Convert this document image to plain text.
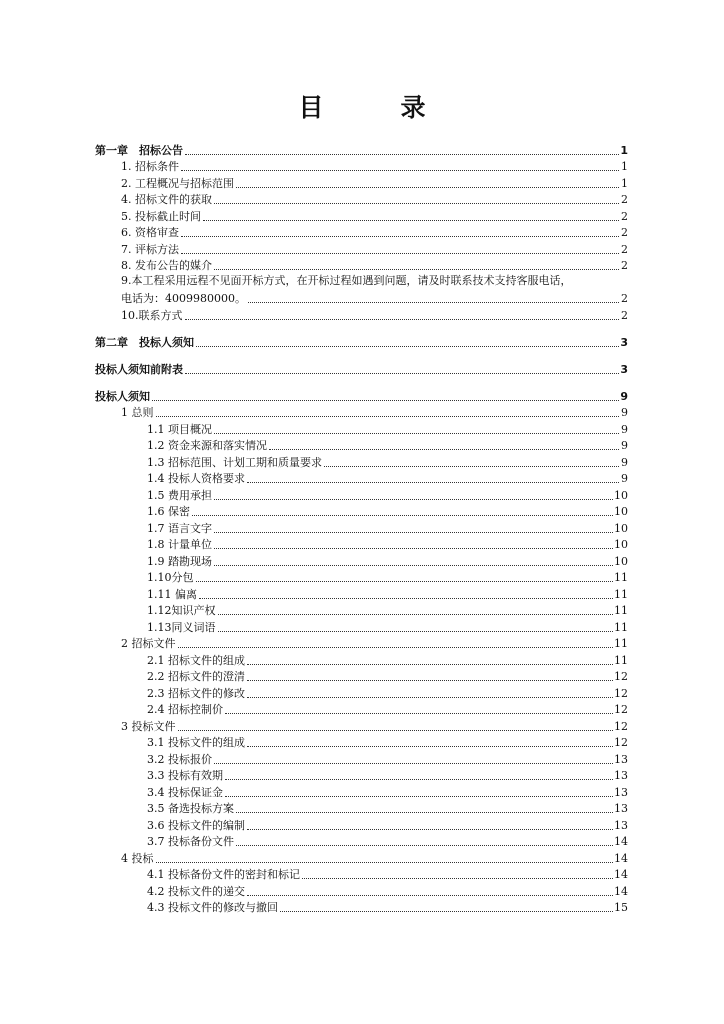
目　录
第一章　招标公告	1
1. 招标条件	1
2. 工程概况与招标范围	1
4. 招标文件的获取	2
5. 投标截止时间	2
6. 资格审查	2
7. 评标方法	2
8. 发布公告的媒介	2
9.本工程采用远程不见面开标方式，在开标过程如遇到问题，请及时联系技术支持客服电话，
电话为：4009980000。	2
10.联系方式	2
第二章　投标人须知	3
投标人须知前附表	3
投标人须知	9
1 总则	9
1.1 项目概况	9
1.2 资金来源和落实情况	9
1.3 招标范围、计划工期和质量要求	9
1.4 投标人资格要求	9
1.5 费用承担	10
1.6 保密	10
1.7 语言文字	10
1.8 计量单位	10
1.9 踏勘现场	10
1.10分包	11
1.11 偏离	11
1.12知识产权	11
1.13同义词语	11
2 招标文件	11
2.1 招标文件的组成	11
2.2 招标文件的澄清	12
2.3 招标文件的修改	12
2.4 招标控制价	12
3 投标文件	12
3.1 投标文件的组成	12
3.2 投标报价	13
3.3 投标有效期	13
3.4 投标保证金	13
3.5 备选投标方案	13
3.6 投标文件的编制	13
3.7 投标备份文件	14
4 投标	14
4.1 投标备份文件的密封和标记	14
4.2 投标文件的递交	14
4.3 投标文件的修改与撤回	15
